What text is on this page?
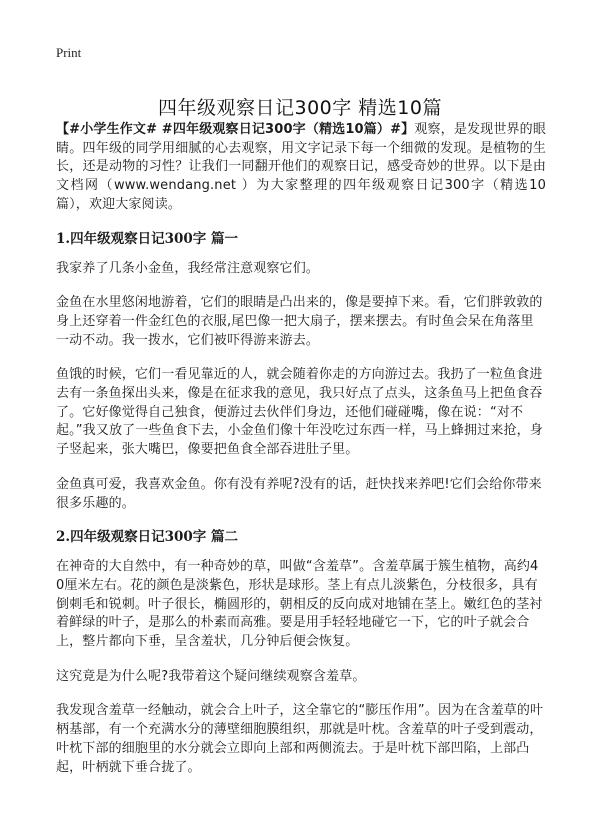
Print
四年级观察日记300字 精选10篇

【#小学生作文# #四年级观察日记300字（精选10篇）#】观察，是发现世界的眼睛。四年级的同学用细腻的心去观察，用文字记录下每一个细微的发现。是植物的生长，还是动物的习性？让我们一同翻开他们的观察日记，感受奇妙的世界。以下是由文档网（www.wendang.net ）为大家整理的四年级观察日记300字（精选10篇），欢迎大家阅读。

1.四年级观察日记300字 篇一

我家养了几条小金鱼，我经常注意观察它们。

金鱼在水里悠闲地游着，它们的眼睛是凸出来的，像是要掉下来。看，它们胖敦敦的身上还穿着一件金红色的衣服,尾巴像一把大扇子，摆来摆去。有时鱼会呆在角落里一动不动。我一拨水，它们被吓得游来游去。

鱼饿的时候，它们一看见靠近的人，就会随着你走的方向游过去。我扔了一粒鱼食进去有一条鱼探出头来，像是在征求我的意见，我只好点了点头，这条鱼马上把鱼食吞了。它好像觉得自己独食，便游过去伙伴们身边，还他们碰碰嘴，像在说：“对不起。”我又放了一些鱼食下去，小金鱼们像十年没吃过东西一样，马上蜂拥过来抢，身子竖起来，张大嘴巴，像要把鱼食全部吞进肚子里。

金鱼真可爱，我喜欢金鱼。你有没有养呢?没有的话，赶快找来养吧!它们会给你带来很多乐趣的。

2.四年级观察日记300字 篇二

在神奇的大自然中，有一种奇妙的草，叫做“含羞草”。含羞草属于簇生植物，高约40厘米左右。花的颜色是淡紫色，形状是球形。茎上有点儿淡紫色，分枝很多，具有倒刺毛和锐刺。叶子很长，椭圆形的，朝相反的反向成对地铺在茎上。嫩红色的茎衬着鲜绿的叶子，是那么的朴素而高雅。要是用手轻轻地碰它一下，它的叶子就会合上，整片都向下垂，呈含羞状，几分钟后便会恢复。

这究竟是为什么呢?我带着这个疑问继续观察含羞草。

我发现含羞草一经触动，就会合上叶子，这全靠它的“膨压作用”。因为在含羞草的叶柄基部，有一个充满水分的薄壁细胞膜组织，那就是叶枕。含羞草的叶子受到震动，叶枕下部的细胞里的水分就会立即向上部和两侧流去。于是叶枕下部凹陷，上部凸起，叶柄就下垂合拢了。
